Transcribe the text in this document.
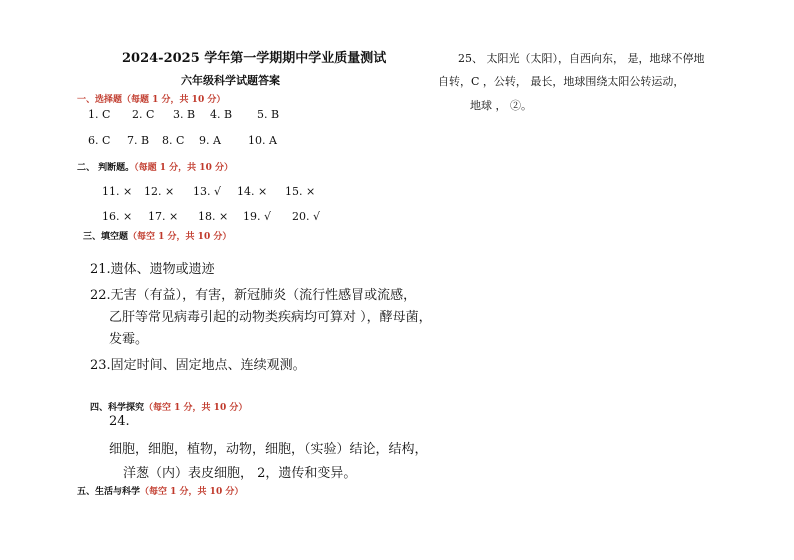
2024-2025 学年第一学期期中学业质量测试
六年级科学试题答案
一、选择题（每题 1 分，共 10 分）
1. C 2. C 3. B 4. B 5. B
6. C 7. B 8. C 9. A 10. A
二、 判断题。（每题 1 分，共 10 分）
11. × 12. × 13. √ 14. × 15. ×
16. × 17. × 18. × 19. √ 20. √
三、填空题（每空 1 分，共 10 分）
21.遗体、遗物或遗迹
22.无害（有益），有害，新冠肺炎（流行性感冒或流感，
乙肝等常见病毒引起的动物类疾病均可算对 ），酵母菌，
发霉。
23.固定时间、固定地点、连续观测。
四、科学探究（每空 1 分，共 10 分）
24.
细胞，细胞，植物，动物，细胞，（实验）结论，结构，
洋葱（内）表皮细胞， 2，遗传和变异。
五、生活与科学（每空 1 分，共 10 分）
25、 太阳光（太阳），自西向东， 是，地球不停地
自转，C ，公转， 最长，地球围绕太阳公转运动，
地球 ， ②。
